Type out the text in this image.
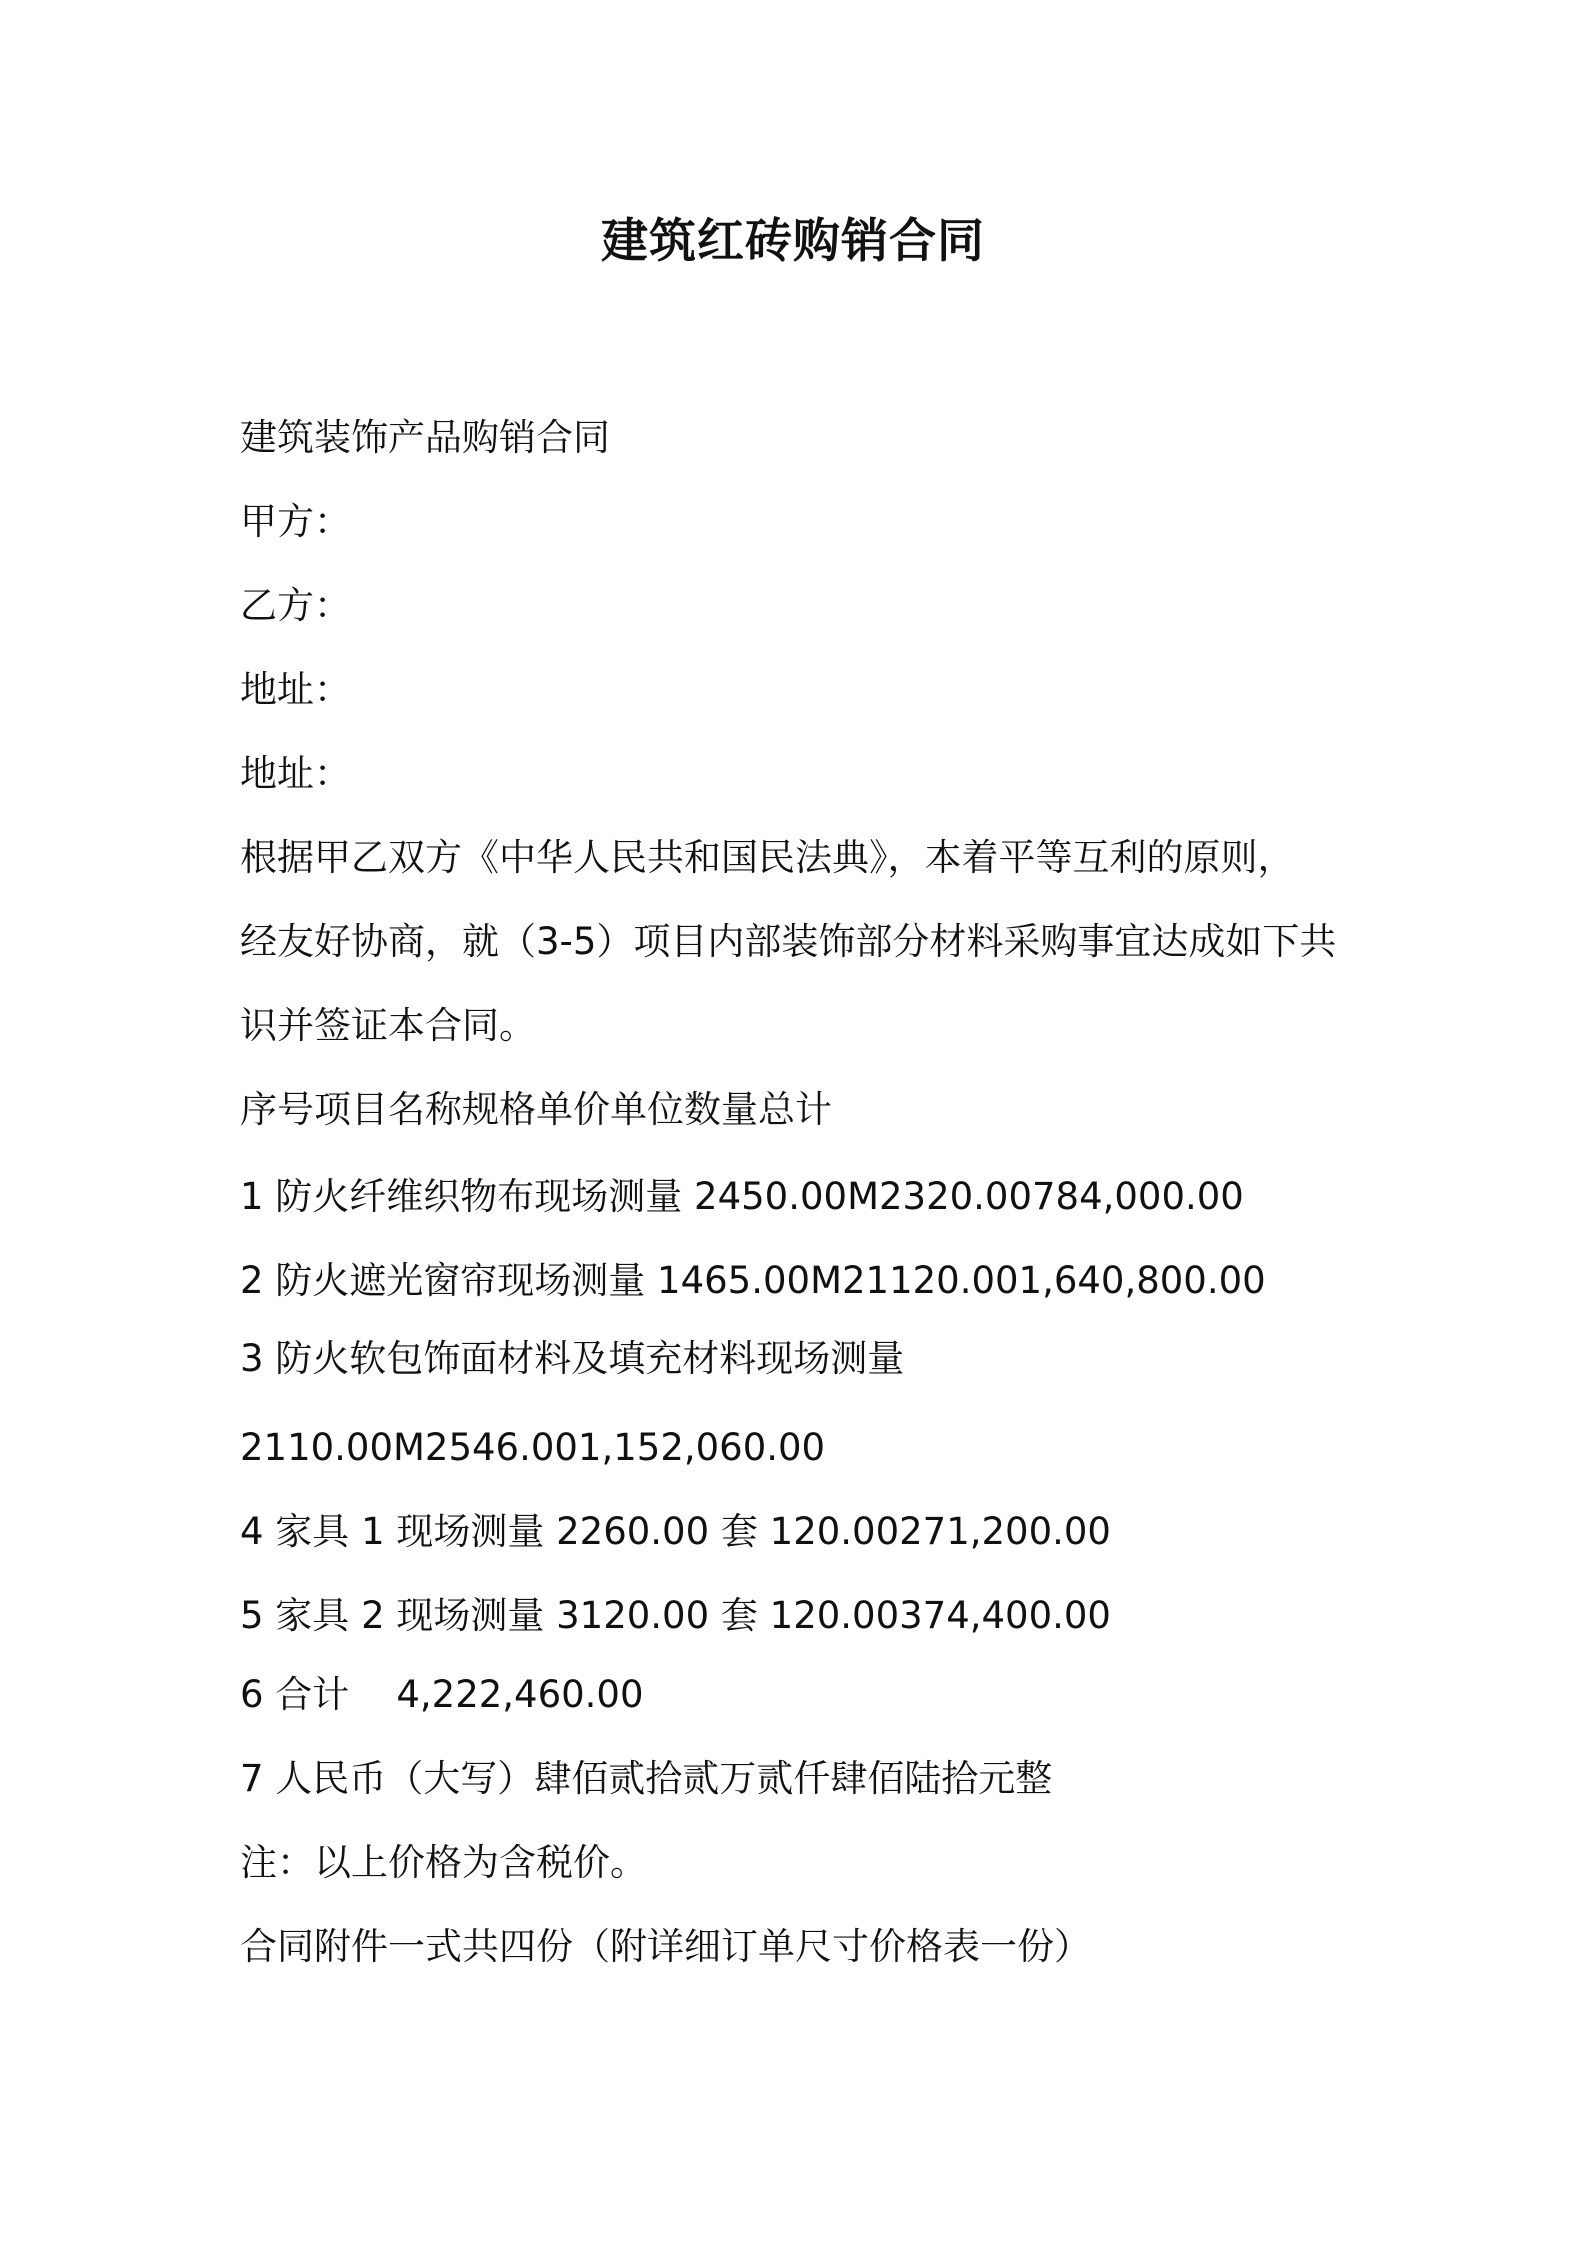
建筑红砖购销合同
建筑装饰产品购销合同
甲方：
乙方：
地址：
地址：
根据甲乙双方《中华人民共和国民法典》，本着平等互利的原则，
经友好协商，就（3-5）项目内部装饰部分材料采购事宜达成如下共
识并签证本合同。
序号项目名称规格单价单位数量总计
1 防火纤维织物布现场测量 2450.00M2320.00784,000.00
2 防火遮光窗帘现场测量 1465.00M21120.001,640,800.00
3 防火软包饰面材料及填充材料现场测量
2110.00M2546.001,152,060.00
4 家具 1 现场测量 2260.00 套 120.00271,200.00
5 家具 2 现场测量 3120.00 套 120.00374,400.00
6 合计    4,222,460.00
7 人民币（大写）肆佰贰拾贰万贰仟肆佰陆拾元整
注：以上价格为含税价。
合同附件一式共四份（附详细订单尺寸价格表一份）
